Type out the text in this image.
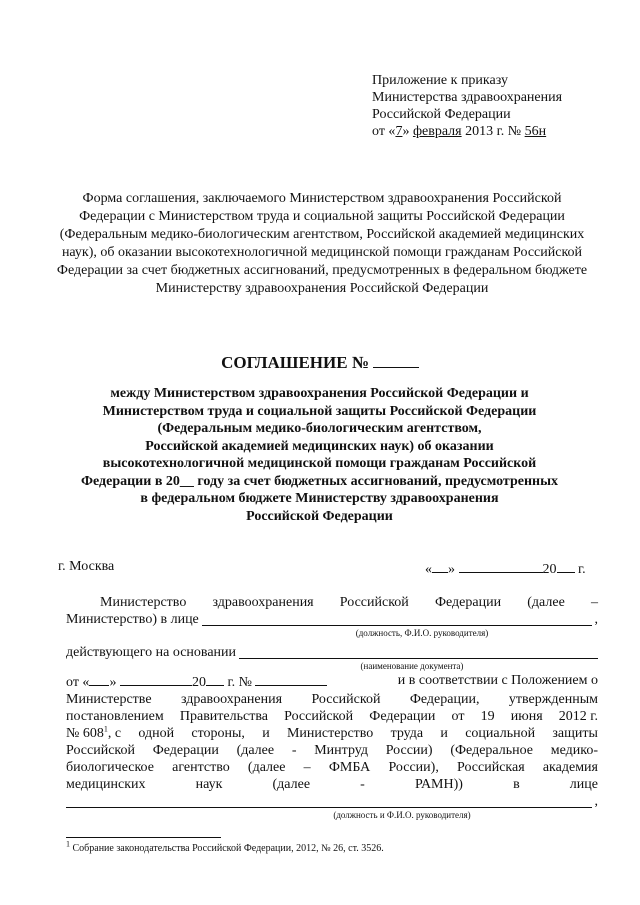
Приложение к приказу
Министерства здравоохранения
Российской Федерации
от «7» февраля 2013 г. № 56н
Форма соглашения, заключаемого Министерством здравоохранения Российской Федерации с Министерством труда и социальной защиты Российской Федерации (Федеральным медико-биологическим агентством, Российской академией медицинских наук), об оказании высокотехнологичной медицинской помощи гражданам Российской Федерации за счет бюджетных ассигнований, предусмотренных в федеральном бюджете Министерству здравоохранения Российской Федерации
СОГЛАШЕНИЕ №
между Министерством здравоохранения Российской Федерации и
Министерством труда и социальной защиты Российской Федерации
(Федеральным медико-биологическим агентством,
Российской академией медицинских наук) об оказании
высокотехнологичной медицинской помощи гражданам Российской
Федерации в 20__ году за счет бюджетных ассигнований, предусмотренных
в федеральном бюджете Министерству здравоохранения
Российской Федерации
г. Москва	« »	20 г.
Министерство здравоохранения Российской Федерации (далее –
Министерство) в лице	,
(должность, Ф.И.О. руководителя)
действующего на основании
(наименование документа)
от « »	20 г. №	и в соответствии с Положением о
Министерстве здравоохранения Российской Федерации, утвержденным
постановлением Правительства Российской Федерации от 19 июня 2012 г.
№ $608^1$, с одной стороны, и Министерство труда и социальной защиты
Российской Федерации (далее - Минтруд России) (Федеральное медико-
биологическое агентство (далее – ФМБА России), Российская академия
медицинских	наук	(далее	-	РАМН))	в	лице
,
(должность и Ф.И.О. руководителя)
$^1$ Собрание законодательства Российской Федерации, 2012, № 26, ст. 3526.
